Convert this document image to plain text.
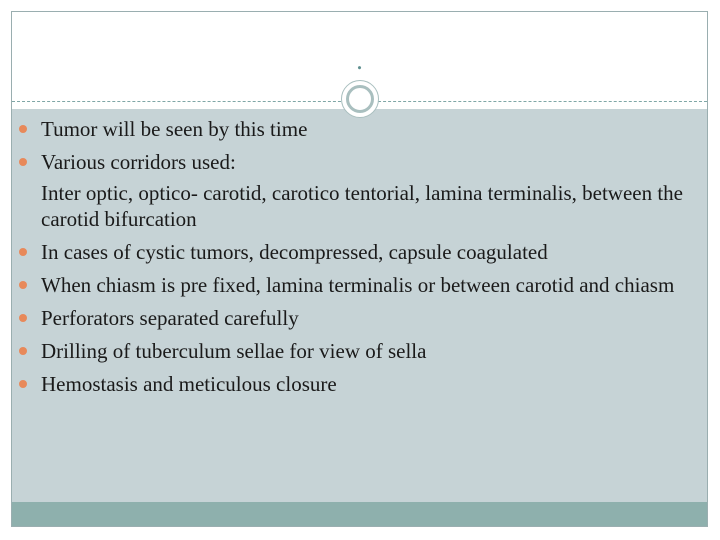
.
Tumor will be seen by this time
Various corridors used:
Inter optic, optico- carotid, carotico tentorial, lamina terminalis, between the carotid bifurcation
In cases of cystic tumors, decompressed, capsule coagulated
When chiasm is pre fixed, lamina terminalis or between carotid and chiasm
Perforators separated carefully
Drilling of tuberculum sellae for view of sella
Hemostasis and meticulous closure
